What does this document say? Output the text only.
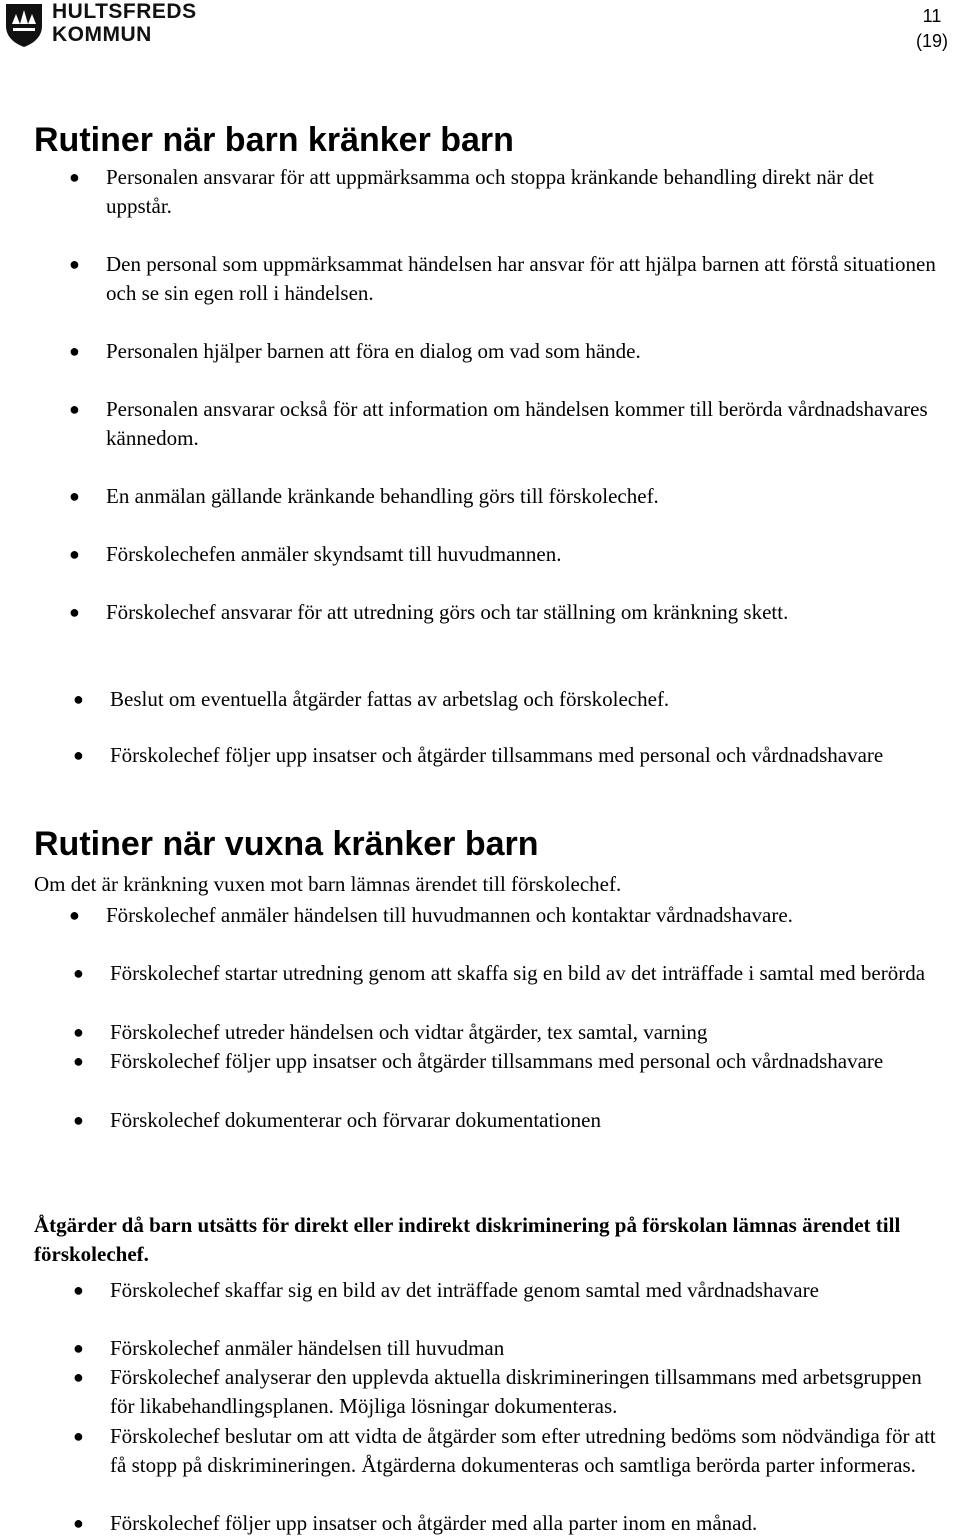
HULTSFREDS
KOMMUN
11
(19)
Rutiner när barn kränker barn
● Personalen ansvarar för att uppmärksamma och stoppa kränkande behandling direkt när det uppstår.
● Den personal som uppmärksammat händelsen har ansvar för att hjälpa barnen att förstå situationen och se sin egen roll i händelsen.
● Personalen hjälper barnen att föra en dialog om vad som hände.
● Personalen ansvarar också för att information om händelsen kommer till berörda vårdnadshavares kännedom.
● En anmälan gällande kränkande behandling görs till förskolechef.
● Förskolechefen anmäler skyndsamt till huvudmannen.
● Förskolechef ansvarar för att utredning görs och tar ställning om kränkning skett.
● Beslut om eventuella åtgärder fattas av arbetslag och förskolechef.
● Förskolechef följer upp insatser och åtgärder tillsammans med personal och vårdnadshavare
Rutiner när vuxna kränker barn
Om det är kränkning vuxen mot barn lämnas ärendet till förskolechef.
● Förskolechef anmäler händelsen till huvudmannen och kontaktar vårdnadshavare.
● Förskolechef startar utredning genom att skaffa sig en bild av det inträffade i samtal med berörda
● Förskolechef utreder händelsen och vidtar åtgärder, tex samtal, varning
● Förskolechef följer upp insatser och åtgärder tillsammans med personal och vårdnadshavare
● Förskolechef dokumenterar och förvarar dokumentationen
Åtgärder då barn utsätts för direkt eller indirekt diskriminering på förskolan lämnas ärendet till förskolechef.
● Förskolechef skaffar sig en bild av det inträffade genom samtal med vårdnadshavare
● Förskolechef anmäler händelsen till huvudman
● Förskolechef analyserar den upplevda aktuella diskrimineringen tillsammans med arbetsgruppen för likabehandlingsplanen. Möjliga lösningar dokumenteras.
● Förskolechef beslutar om att vidta de åtgärder som efter utredning bedöms som nödvändiga för att få stopp på diskrimineringen. Åtgärderna dokumenteras och samtliga berörda parter informeras.
● Förskolechef följer upp insatser och åtgärder med alla parter inom en månad.
